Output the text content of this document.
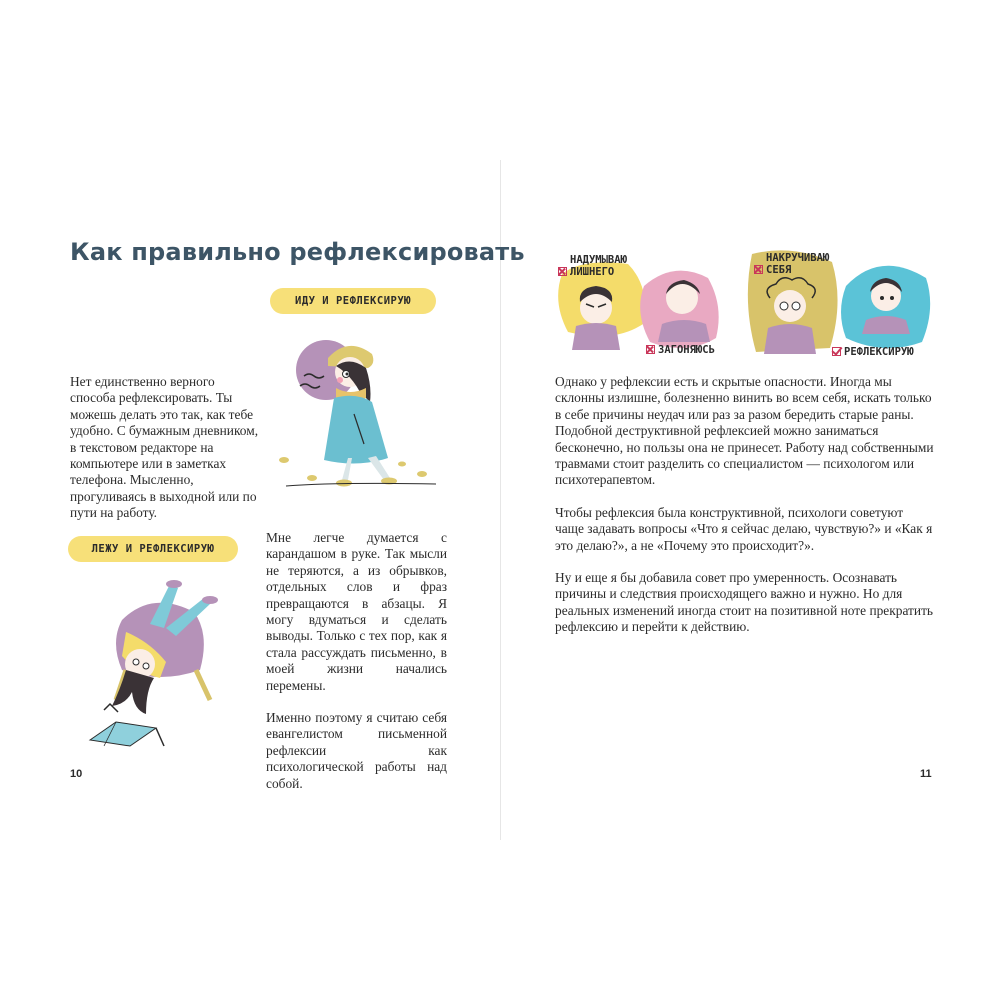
Как правильно рефлексировать
ИДУ И РЕФЛЕКСИРУЮ

Нет единственно верного способа рефлексировать. Ты можешь делать это так, как тебе удобно. С бумажным дневником, в текстовом редакторе на компьютере или в заметках телефона. Мысленно, прогуливаясь в выходной или по пути на работу.

ЛЕЖУ И РЕФЛЕКСИРУЮ

Мне легче думается с карандашом в руке. Так мысли не теряются, а из обрывков, отдельных слов и фраз превращаются в абзацы. Я могу вдуматься и сделать выводы. Только с тех пор, как я стала рассуждать письменно, в моей жизни начались перемены.

Именно поэтому я считаю себя евангелистом письменной рефлексии как психологической работы над собой.

10
НАДУМЫВАЮ ЛИШНЕГО
ЗАГОНЯЮСЬ
НАКРУЧИВАЮ СЕБЯ
РЕФЛЕКСИРУЮ

Однако у рефлексии есть и скрытые опасности. Иногда мы склонны излишне, болезненно винить во всем себя, искать только в себе причины неудач или раз за разом бередить старые раны. Подобной деструктивной рефлексией можно заниматься бесконечно, но пользы она не принесет. Работу над собственными травмами стоит разделить со специалистом — психологом или психотерапевтом.

Чтобы рефлексия была конструктивной, психологи советуют чаще задавать вопросы «Что я сейчас делаю, чувствую?» и «Как я это делаю?», а не «Почему это происходит?».

Ну и еще я бы добавила совет про умеренность. Осознавать причины и следствия происходящего важно и нужно. Но для реальных изменений иногда стоит на позитивной ноте прекратить рефлексию и перейти к действию.

11
